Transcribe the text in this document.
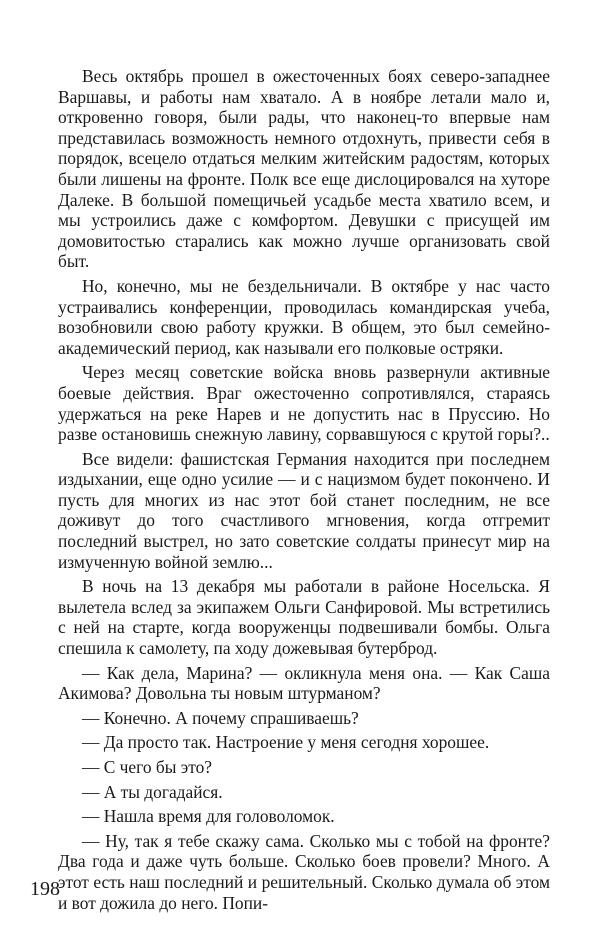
Весь октябрь прошел в ожесточенных боях северо-западнее Варшавы, и работы нам хватало. А в ноябре летали мало и, откровенно говоря, были рады, что наконец-то впервые нам представилась возможность немного отдохнуть, привести себя в порядок, всецело отдаться мелким житейским радостям, которых были лишены на фронте. Полк все еще дислоцировался на хуторе Далеке. В большой помещичьей усадьбе места хватило всем, и мы устроились даже с комфортом. Девушки с присущей им домовитостью старались как можно лучше организовать свой быт.

Но, конечно, мы не бездельничали. В октябре у нас часто устраивались конференции, проводилась командирская учеба, возобновили свою работу кружки. В общем, это был семейно-академический период, как называли его полковые остряки.

Через месяц советские войска вновь развернули активные боевые действия. Враг ожесточенно сопротивлялся, стараясь удержаться на реке Нарев и не допустить нас в Пруссию. Но разве остановишь снежную лавину, сорвавшуюся с крутой горы?..

Все видели: фашистская Германия находится при последнем издыхании, еще одно усилие — и с нацизмом будет покончено. И пусть для многих из нас этот бой станет последним, не все доживут до того счастливого мгновения, когда отгремит последний выстрел, но зато советские солдаты принесут мир на измученную войной землю...

В ночь на 13 декабря мы работали в районе Носельска. Я вылетела вслед за экипажем Ольги Санфировой. Мы встретились с ней на старте, когда вооруженцы подвешивали бомбы. Ольга спешила к самолету, па ходу дожевывая бутерброд.

— Как дела, Марина? — окликнула меня она. — Как Саша Акимова? Довольна ты новым штурманом?

— Конечно. А почему спрашиваешь?

— Да просто так. Настроение у меня сегодня хорошее.

— С чего бы это?

— А ты догадайся.

— Нашла время для головоломок.

— Ну, так я тебе скажу сама. Сколько мы с тобой на фронте? Два года и даже чуть больше. Сколько боев провели? Много. А этот есть наш последний и решительный. Сколько думала об этом и вот дожила до него. Попи-

198
